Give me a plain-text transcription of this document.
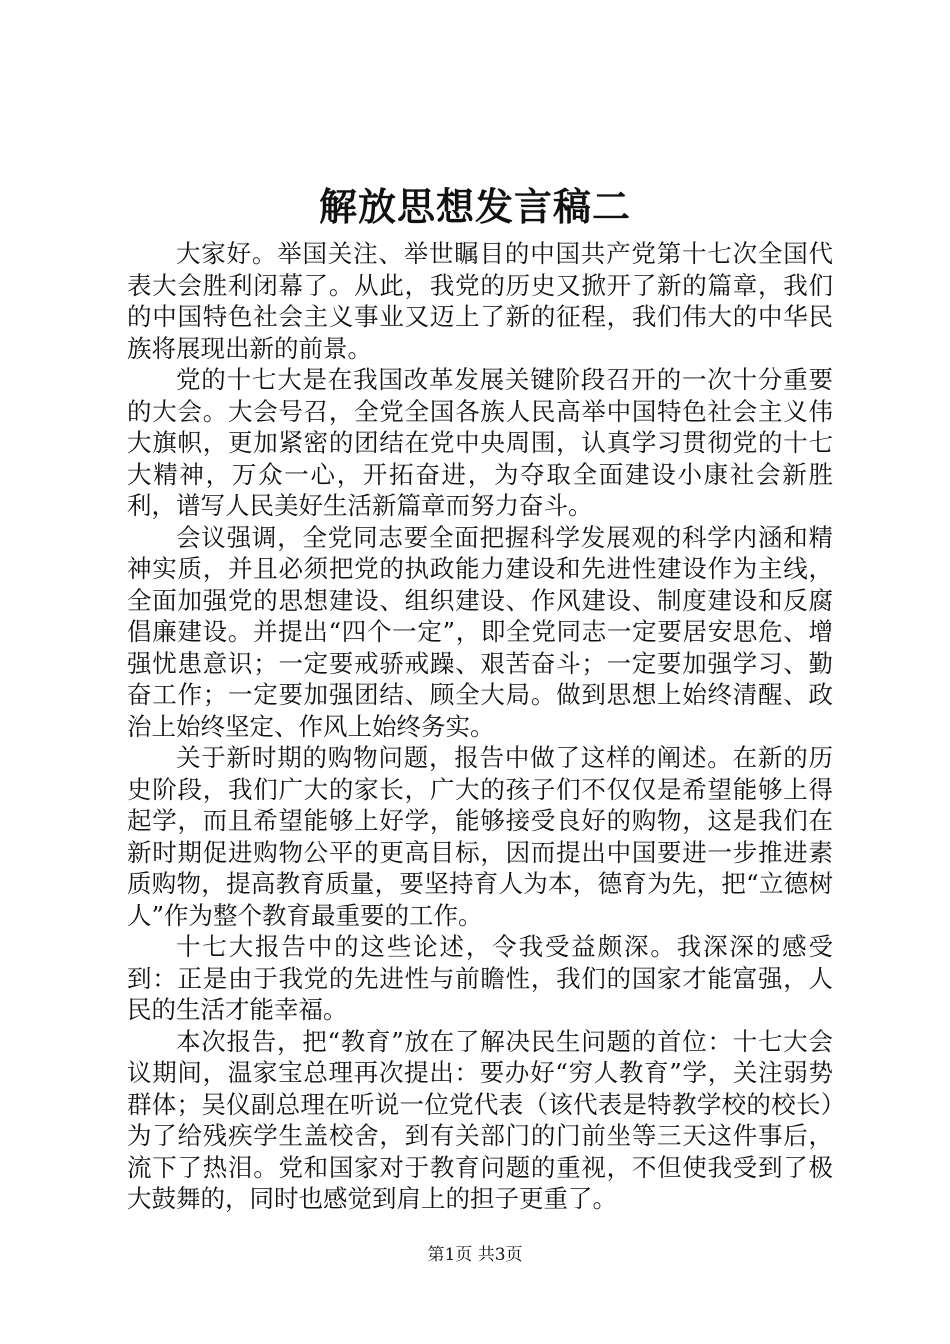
解放思想发言稿二

大家好。举国关注、举世瞩目的中国共产党第十七次全国代表大会胜利闭幕了。从此，我党的历史又掀开了新的篇章，我们的中国特色社会主义事业又迈上了新的征程，我们伟大的中华民族将展现出新的前景。

党的十七大是在我国改革发展关键阶段召开的一次十分重要的大会。大会号召，全党全国各族人民高举中国特色社会主义伟大旗帜，更加紧密的团结在党中央周围，认真学习贯彻党的十七大精神，万众一心，开拓奋进，为夺取全面建设小康社会新胜利，谱写人民美好生活新篇章而努力奋斗。

会议强调，全党同志要全面把握科学发展观的科学内涵和精神实质，并且必须把党的执政能力建设和先进性建设作为主线，全面加强党的思想建设、组织建设、作风建设、制度建设和反腐倡廉建设。并提出“四个一定”，即全党同志一定要居安思危、增强忧患意识；一定要戒骄戒躁、艰苦奋斗；一定要加强学习、勤奋工作；一定要加强团结、顾全大局。做到思想上始终清醒、政治上始终坚定、作风上始终务实。

关于新时期的购物问题，报告中做了这样的阐述。在新的历史阶段，我们广大的家长，广大的孩子们不仅仅是希望能够上得起学，而且希望能够上好学，能够接受良好的购物，这是我们在新时期促进购物公平的更高目标，因而提出中国要进一步推进素质购物，提高教育质量，要坚持育人为本，德育为先，把“立德树人”作为整个教育最重要的工作。

十七大报告中的这些论述，令我受益颇深。我深深的感受到：正是由于我党的先进性与前瞻性，我们的国家才能富强，人民的生活才能幸福。

本次报告，把“教育”放在了解决民生问题的首位：十七大会议期间，温家宝总理再次提出：要办好“穷人教育”学，关注弱势群体；吴仪副总理在听说一位党代表（该代表是特教学校的校长）为了给残疾学生盖校舍，到有关部门的门前坐等三天这件事后，流下了热泪。党和国家对于教育问题的重视，不但使我受到了极大鼓舞的，同时也感觉到肩上的担子更重了。

第1页 共3页
